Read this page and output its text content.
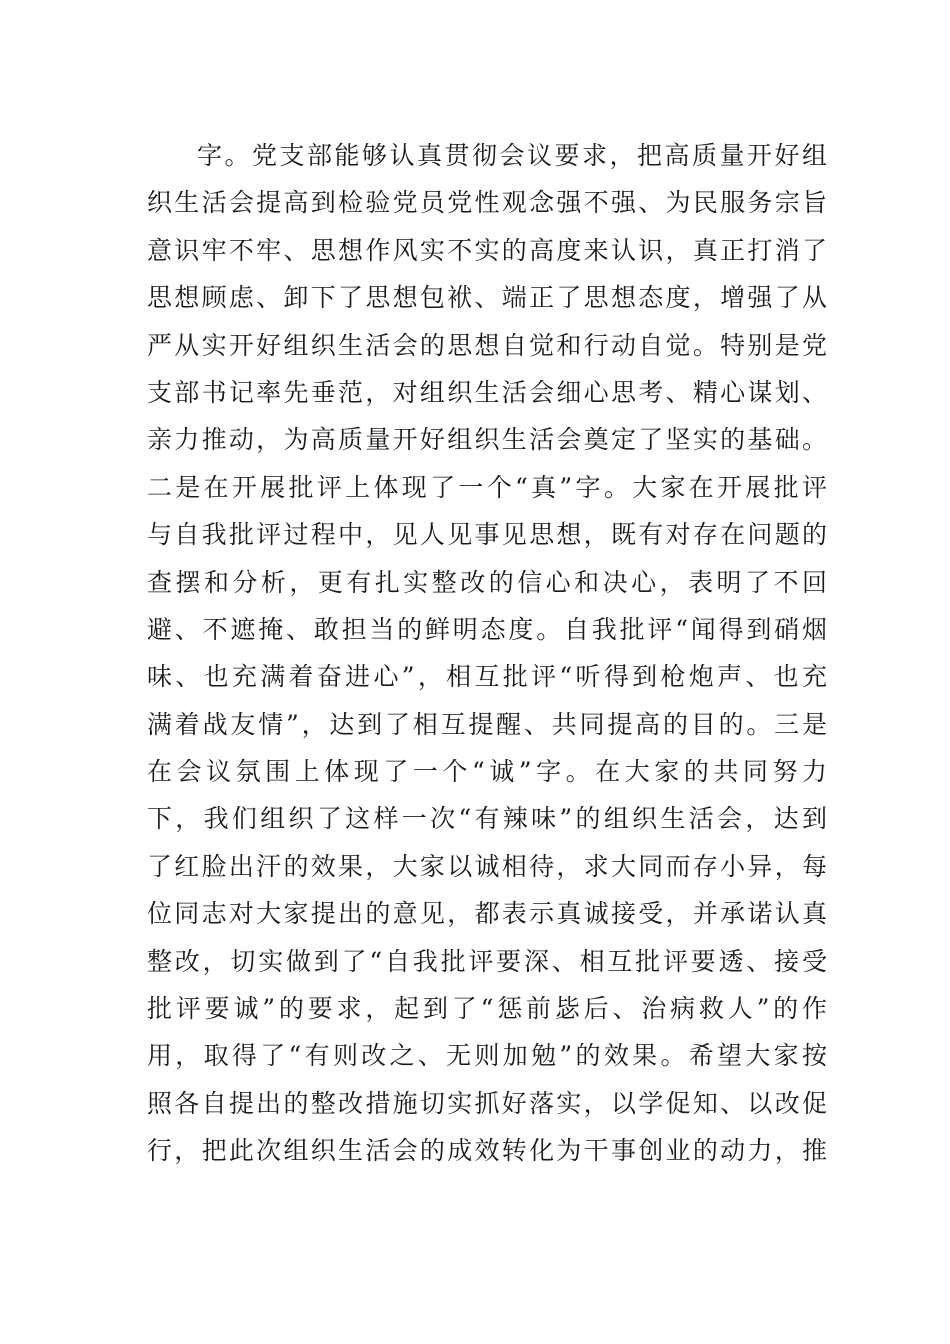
字。党支部能够认真贯彻会议要求，把高质量开好组
织生活会提高到检验党员党性观念强不强、为民服务宗旨
意识牢不牢、思想作风实不实的高度来认识，真正打消了
思想顾虑、卸下了思想包袱、端正了思想态度，增强了从
严从实开好组织生活会的思想自觉和行动自觉。特别是党
支部书记率先垂范，对组织生活会细心思考、精心谋划、
亲力推动，为高质量开好组织生活会奠定了坚实的基础。
二是在开展批评上体现了一个“真”字。大家在开展批评
与自我批评过程中，见人见事见思想，既有对存在问题的
查摆和分析，更有扎实整改的信心和决心，表明了不回
避、不遮掩、敢担当的鲜明态度。自我批评“闻得到硝烟
味、也充满着奋进心”，相互批评“听得到枪炮声、也充
满着战友情”，达到了相互提醒、共同提高的目的。三是
在会议氛围上体现了一个“诚”字。在大家的共同努力
下，我们组织了这样一次“有辣味”的组织生活会，达到
了红脸出汗的效果，大家以诚相待，求大同而存小异，每
位同志对大家提出的意见，都表示真诚接受，并承诺认真
整改，切实做到了“自我批评要深、相互批评要透、接受
批评要诚”的要求，起到了“惩前毖后、治病救人”的作
用，取得了“有则改之、无则加勉”的效果。希望大家按
照各自提出的整改措施切实抓好落实，以学促知、以改促
行，把此次组织生活会的成效转化为干事创业的动力，推
